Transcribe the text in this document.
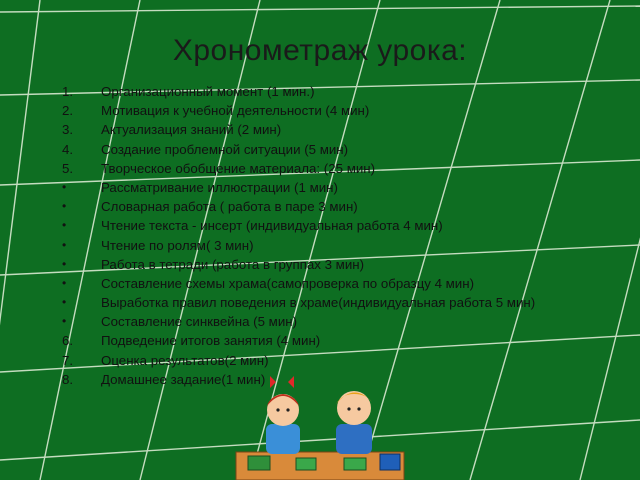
Хронометраж урока:
1.	Организационный момент (1 мин.)
2.	Мотивация к учебной деятельности (4 мин)
3.	Актуализация знаний (2 мин)
4.	Создание проблемной ситуации (5 мин)
5.	Творческое обобщение материала: (25 мин)
•	Рассматривание иллюстрации (1 мин)
•	Словарная работа ( работа в паре 3 мин)
•	Чтение текста - инсерт (индивидуальная работа 4 мин)
•	Чтение по ролям( 3 мин)
•	Работа в тетради (работа в группах 3 мин)
•	Составление схемы храма(самопроверка по образцу 4 мин)
•	Выработка правил поведения в храме(индивидуальная работа 5 мин)
•	Составление синквейна (5 мин)
6.	Подведение итогов занятия (4 мин)
7.	Оценка результатов(2 мин)
8.	Домашнее задание(1 мин)
